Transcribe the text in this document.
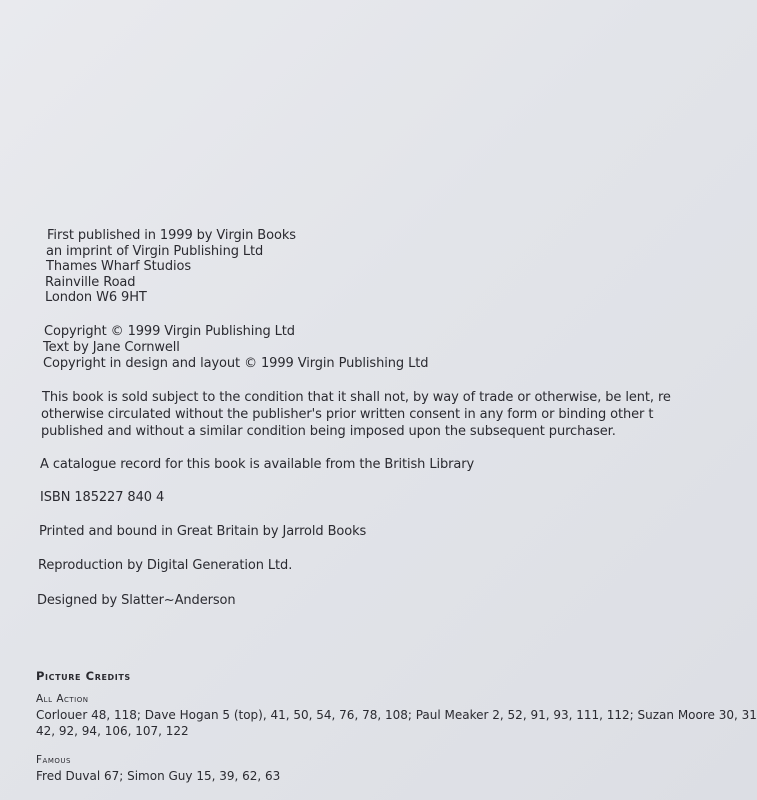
First published in 1999 by Virgin Books
an imprint of Virgin Publishing Ltd
Thames Wharf Studios
Rainville Road
London W6 9HT
Copyright © 1999 Virgin Publishing Ltd
Text by Jane Cornwell
Copyright in design and layout © 1999 Virgin Publishing Ltd
This book is sold subject to the condition that it shall not, by way of trade or otherwise, be lent, re
otherwise circulated without the publisher's prior written consent in any form or binding other t
published and without a similar condition being imposed upon the subsequent purchaser.
A catalogue record for this book is available from the British Library
ISBN 185227 840 4
Printed and bound in Great Britain by Jarrold Books
Reproduction by Digital Generation Ltd.
Designed by Slatter~Anderson
Picture Credits
All Action
Corlouer 48, 118; Dave Hogan 5 (top), 41, 50, 54, 76, 78, 108; Paul Meaker 2, 52, 91, 93, 111, 112; Suzan Moore 30, 31
42, 92, 94, 106, 107, 122
Famous
Fred Duval 67; Simon Guy 15, 39, 62, 63
